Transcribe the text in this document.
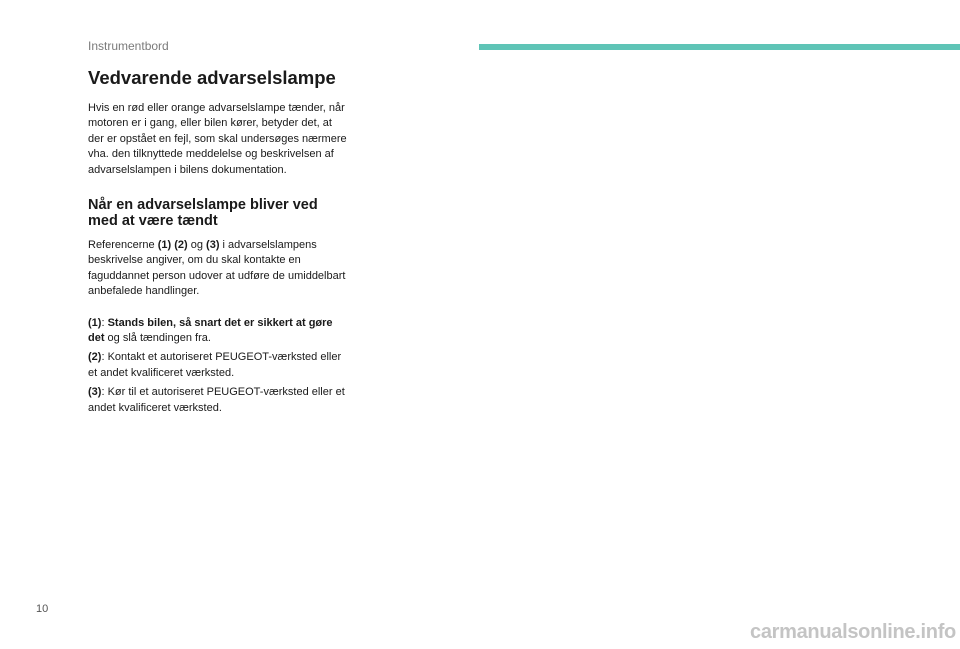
Instrumentbord
Vedvarende advarselslampe

Hvis en rød eller orange advarselslampe tænder, når motoren er i gang, eller bilen kører, betyder det, at der er opstået en fejl, som skal undersøges nærmere vha. den tilknyttede meddelelse og beskrivelsen af advarselslampen i bilens dokumentation.

Når en advarselslampe bliver ved med at være tændt

Referencerne (1) (2) og (3) i advarselslampens beskrivelse angiver, om du skal kontakte en faguddannet person udover at udføre de umiddelbart anbefalede handlinger.

(1): Stands bilen, så snart det er sikkert at gøre det og slå tændingen fra.

(2): Kontakt et autoriseret PEUGEOT-værksted eller et andet kvalificeret værksted.

(3): Kør til et autoriseret PEUGEOT-værksted eller et andet kvalificeret værksted.

10
carmanualsonline.info
